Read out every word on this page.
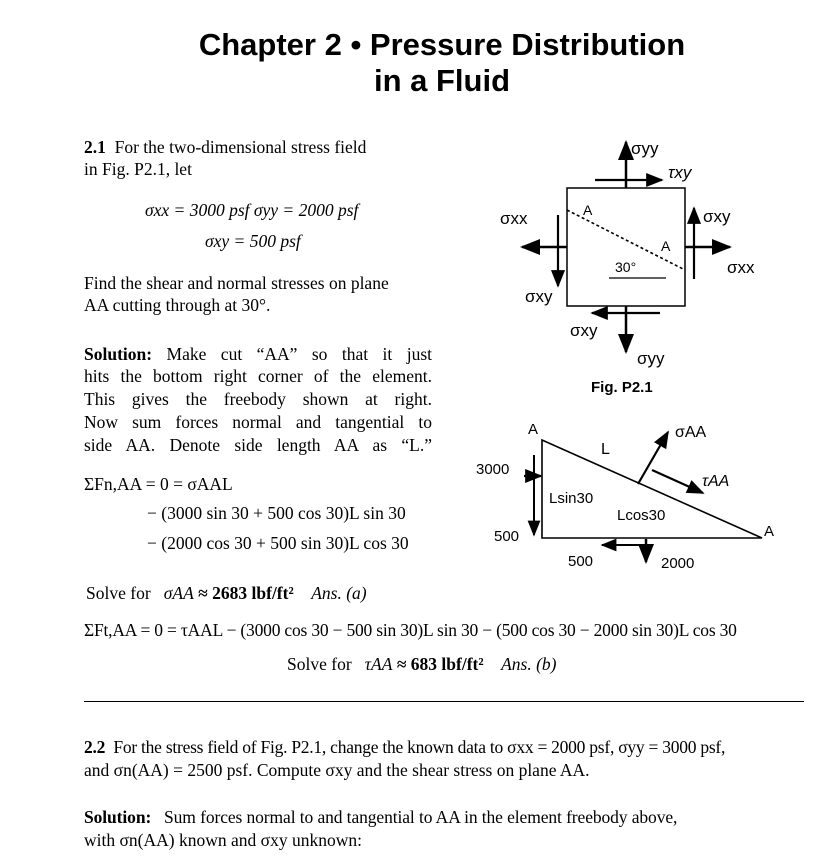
Chapter 2 • Pressure Distribution
in a Fluid
2.1 For the two-dimensional stress field
in Fig. P2.1, let
σxx = 3000 psf σyy = 2000 psf
σxy = 500 psf
Find the shear and normal stresses on plane
AA cutting through at 30°.
Solution: Make cut “AA” so that it just
hits the bottom right corner of the element.
This gives the freebody shown at right.
Now sum forces normal and tangential to
side AA. Denote side length AA as “L.”
ΣFn,AA = 0 = σAAL
− (3000 sin 30 + 500 cos 30)L sin 30
− (2000 cos 30 + 500 sin 30)L cos 30
Solve for σAA ≈ 2683 lbf/ft² Ans. (a)
ΣFt,AA = 0 = τAAL − (3000 cos 30 − 500 sin 30)L sin 30 − (500 cos 30 − 2000 sin 30)L cos 30
Solve for τAA ≈ 683 lbf/ft² Ans. (b)
2.2 For the stress field of Fig. P2.1, change the known data to σxx = 2000 psf, σyy = 3000 psf,
and σn(AA) = 2500 psf. Compute σxy and the shear stress on plane AA.
Solution: Sum forces normal to and tangential to AA in the element freebody above,
with σn(AA) known and σxy unknown:
30°
A
A
σyy
τxy
σyy
σxy
σxx
σxy
σxy
σxx
Fig. P2.1
A
A
L
σAA
τAA
3000
500
Lsin30
Lcos30
500	2000
